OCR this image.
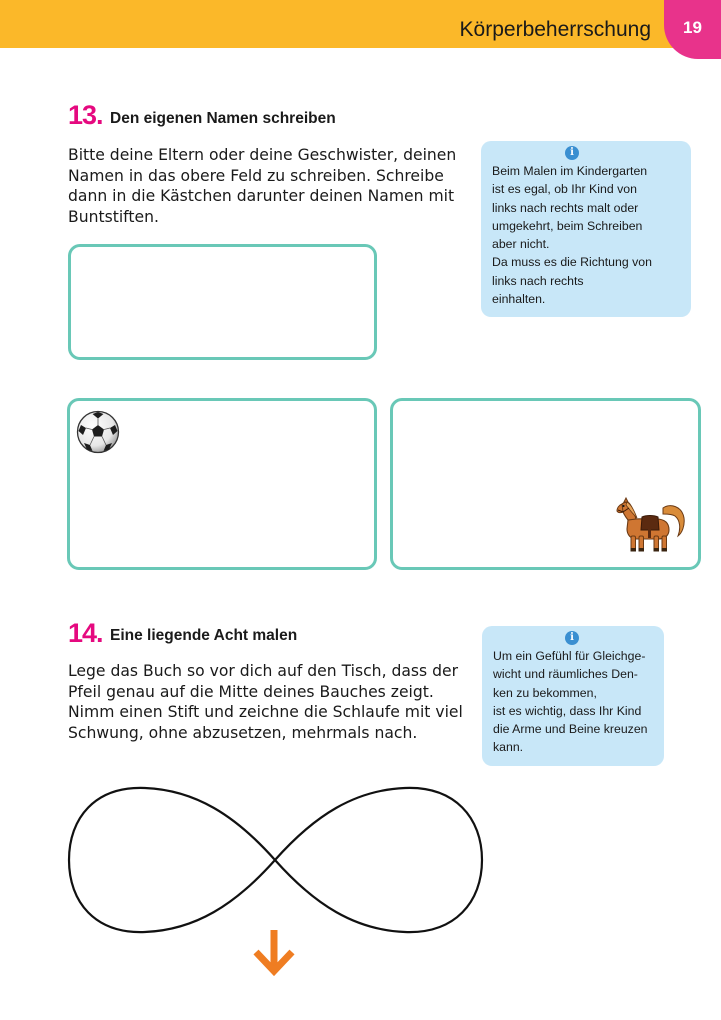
Körperbeherrschung 19
13. Den eigenen Namen schreiben
Bitte deine Eltern oder deine Geschwister, deinen
Namen in das obere Feld zu schreiben. Schreibe
dann in die Kästchen darunter deinen Namen mit
Buntstiften.
i
Beim Malen im Kindergarten
ist es egal, ob Ihr Kind von
links nach rechts malt oder
umgekehrt, beim Schreiben
aber nicht.
Da muss es die Richtung von
links nach rechts
einhalten.
14. Eine liegende Acht malen
Lege das Buch so vor dich auf den Tisch, dass der
Pfeil genau auf die Mitte deines Bauches zeigt.
Nimm einen Stift und zeichne die Schlaufe mit viel
Schwung, ohne abzusetzen, mehrmals nach.
i
Um ein Gefühl für Gleichge-
wicht und räumliches Den-
ken zu bekommen,
ist es wichtig, dass Ihr Kind
die Arme und Beine kreuzen
kann.
